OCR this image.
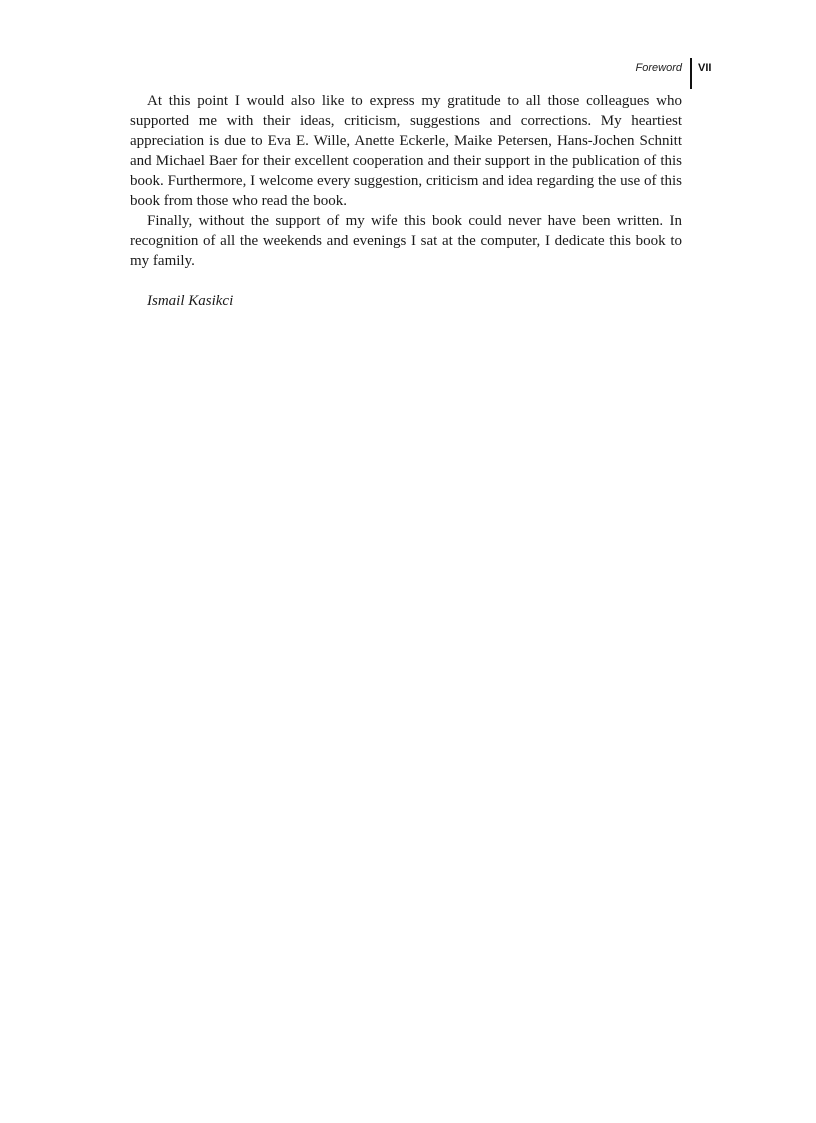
Foreword VII

At this point I would also like to express my gratitude to all those colleagues who supported me with their ideas, criticism, suggestions and corrections. My heartiest appreciation is due to Eva E. Wille, Anette Eckerle, Maike Petersen, Hans-Jochen Schnitt and Michael Baer for their excellent cooperation and their support in the publication of this book. Furthermore, I welcome every suggestion, criticism and idea regarding the use of this book from those who read the book.

Finally, without the support of my wife this book could never have been written. In recognition of all the weekends and evenings I sat at the computer, I dedicate this book to my family.

Ismail Kasikci
